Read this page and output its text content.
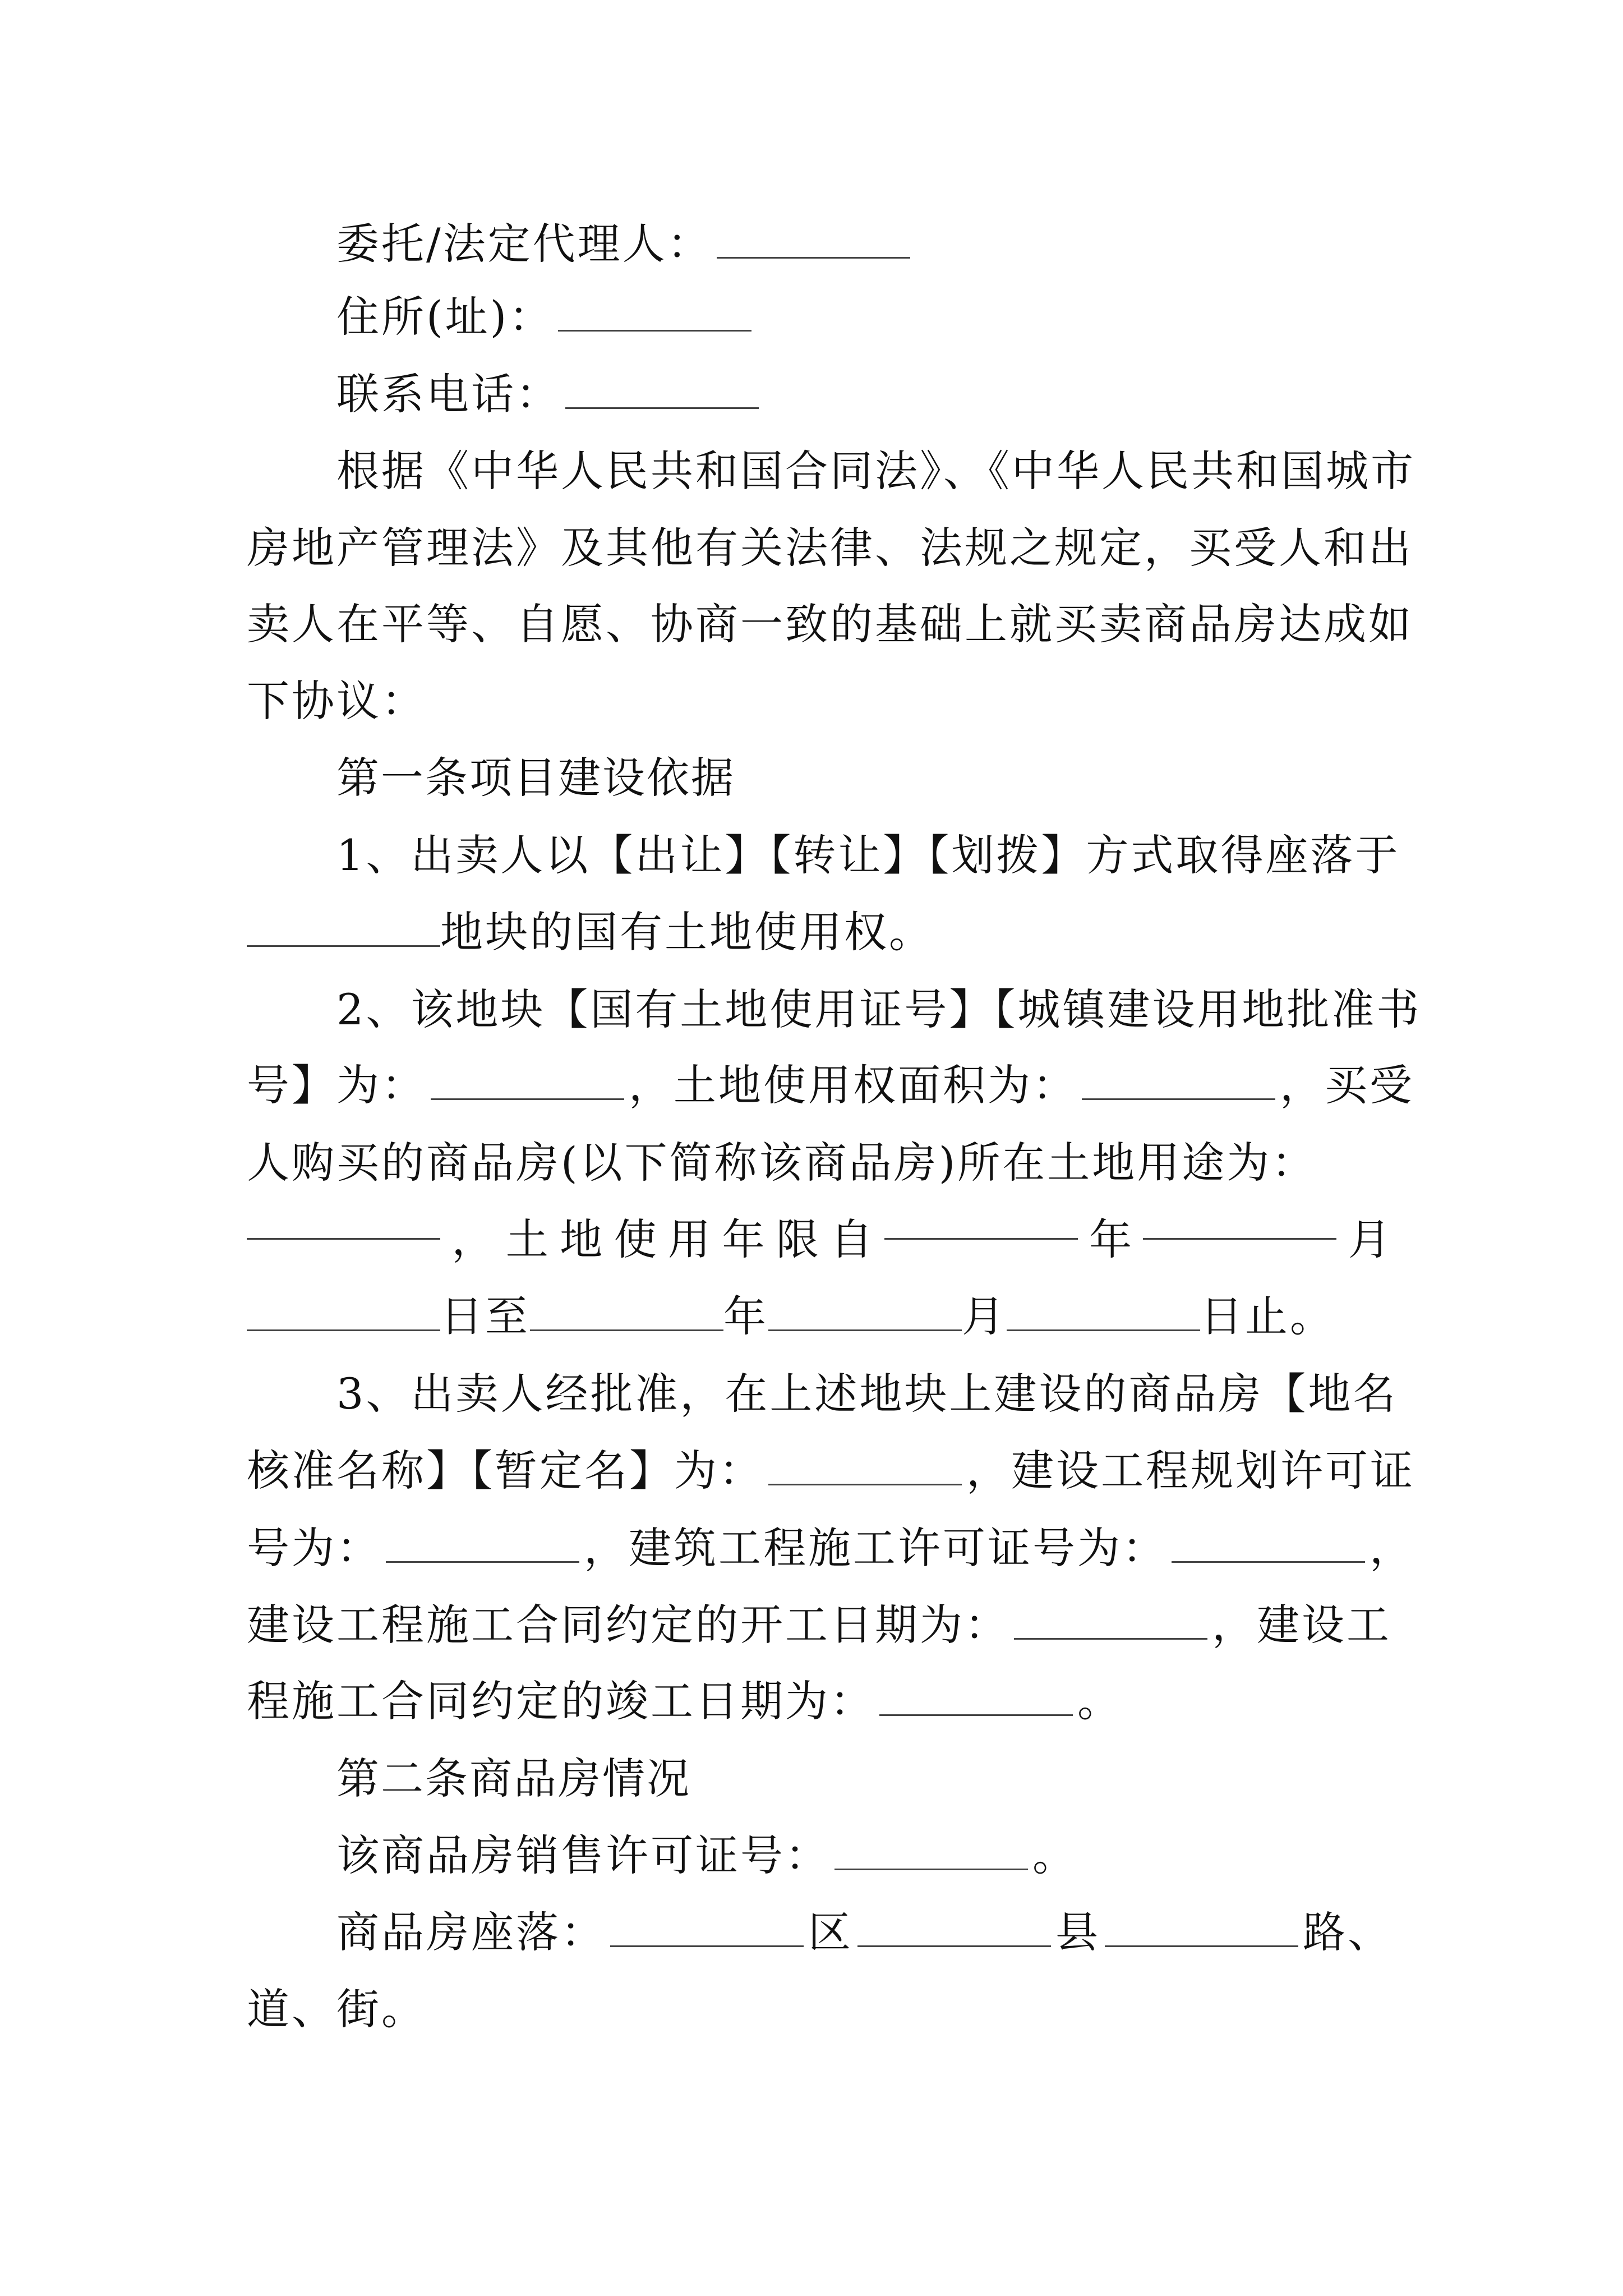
委托/法定代理人：
住所(址)：
联系电话：
根据《中华人民共和国合同法》、《中华人民共和国城市
房地产管理法》及其他有关法律、法规之规定，买受人和出
卖人在平等、自愿、协商一致的基础上就买卖商品房达成如
下协议：
第一条项目建设依据
1、出卖人以【出让】【转让】【划拨】方式取得座落于
地块的国有土地使用权。
2、该地块【国有土地使用证号】【城镇建设用地批准书
号】为：	，土地使用权面积为：	，买受
人购买的商品房(以下简称该商品房)所在土地用途为：
， 土 地 使 用 年 限 自	年	月
日至	年	月	日止。
3、出卖人经批准，在上述地块上建设的商品房【地名
核准名称】【暂定名】为：	，建设工程规划许可证
号为：	，建筑工程施工许可证号为：	，
建设工程施工合同约定的开工日期为：	，建设工
程施工合同约定的竣工日期为：	。
第二条商品房情况
该商品房销售许可证号：	。
商品房座落：	区	县	路、
道、街。
